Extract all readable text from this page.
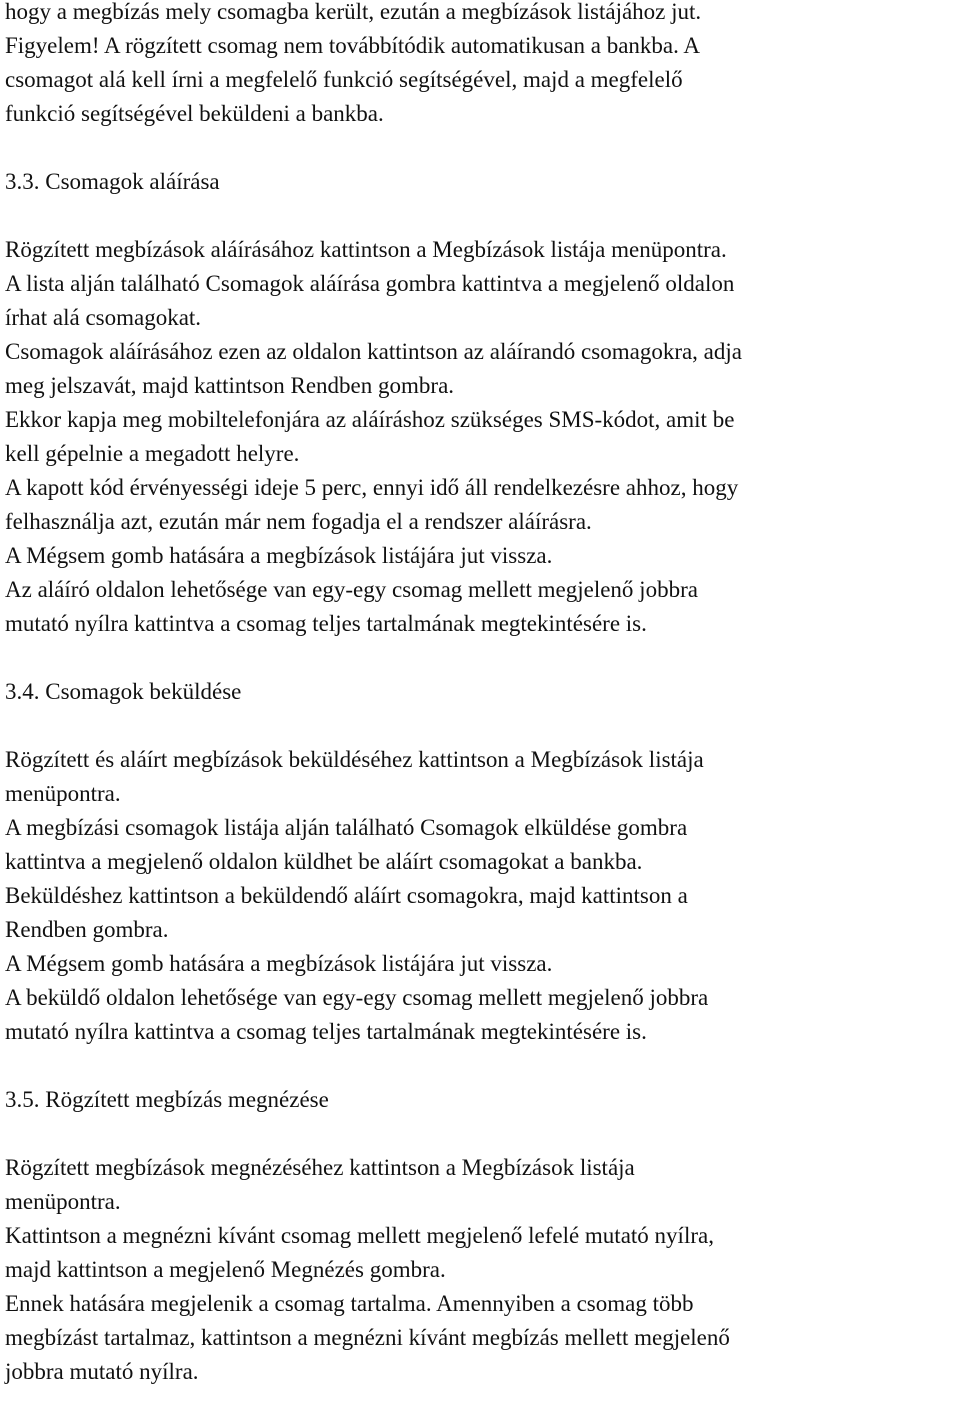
hogy a megbízás mely csomagba került, ezután a megbízások listájához jut.
Figyelem! A rögzített csomag nem továbbítódik automatikusan a bankba. A
csomagot alá kell írni a megfelelő funkció segítségével, majd a megfelelő
funkció segítségével beküldeni a bankba.

3.3. Csomagok aláírása

Rögzített megbízások aláírásához kattintson a Megbízások listája menüpontra.

A lista alján található Csomagok aláírása gombra kattintva a megjelenő oldalon
írhat alá csomagokat.

Csomagok aláírásához ezen az oldalon kattintson az aláírandó csomagokra, adja
meg jelszavát, majd kattintson Rendben gombra.

Ekkor kapja meg mobiltelefonjára az aláíráshoz szükséges SMS-kódot, amit be
kell gépelnie a megadott helyre.

A kapott kód érvényességi ideje 5 perc, ennyi idő áll rendelkezésre ahhoz, hogy
felhasználja azt, ezután már nem fogadja el a rendszer aláírásra.

A Mégsem gomb hatására a megbízások listájára jut vissza.

Az aláíró oldalon lehetősége van egy-egy csomag mellett megjelenő jobbra
mutató nyílra kattintva a csomag teljes tartalmának megtekintésére is.

3.4. Csomagok beküldése

Rögzített és aláírt megbízások beküldéséhez kattintson a Megbízások listája
menüpontra.

A megbízási csomagok listája alján található Csomagok elküldése gombra
kattintva a megjelenő oldalon küldhet be aláírt csomagokat a bankba.

Beküldéshez kattintson a beküldendő aláírt csomagokra, majd kattintson a
Rendben gombra.

A Mégsem gomb hatására a megbízások listájára jut vissza.

A beküldő oldalon lehetősége van egy-egy csomag mellett megjelenő jobbra
mutató nyílra kattintva a csomag teljes tartalmának megtekintésére is.

3.5. Rögzített megbízás megnézése

Rögzített megbízások megnézéséhez kattintson a Megbízások listája
menüpontra.

Kattintson a megnézni kívánt csomag mellett megjelenő lefelé mutató nyílra,
majd kattintson a megjelenő Megnézés gombra.

Ennek hatására megjelenik a csomag tartalma. Amennyiben a csomag több
megbízást tartalmaz, kattintson a megnézni kívánt megbízás mellett megjelenő
jobbra mutató nyílra.
